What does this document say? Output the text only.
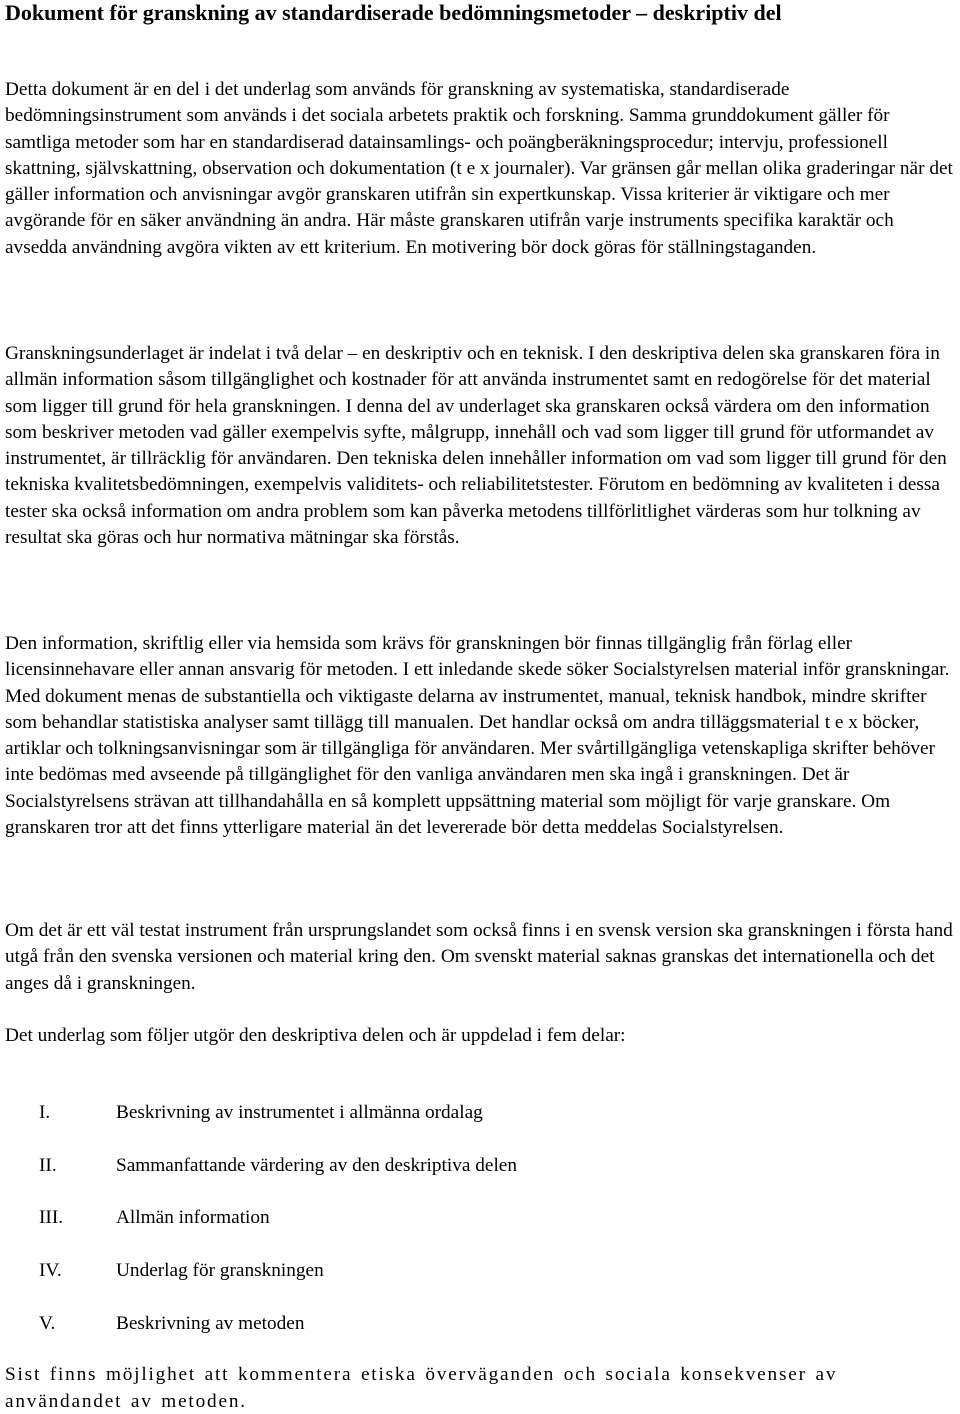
Dokument för granskning av standardiserade bedömningsmetoder – deskriptiv del

Detta dokument är en del i det underlag som används för granskning av systematiska, standardiserade bedömningsinstrument som används i det sociala arbetets praktik och forskning. Samma grunddokument gäller för samtliga metoder som har en standardiserad datainsamlings- och poängberäkningsprocedur; intervju, professionell skattning, självskattning, observation och dokumentation (t e x journaler). Var gränsen går mellan olika graderingar när det gäller information och anvisningar avgör granskaren utifrån sin expertkunskap. Vissa kriterier är viktigare och mer avgörande för en säker användning än andra. Här måste granskaren utifrån varje instruments specifika karaktär och avsedda användning avgöra vikten av ett kriterium. En motivering bör dock göras för ställningstaganden.

Granskningsunderlaget är indelat i två delar – en deskriptiv och en teknisk. I den deskriptiva delen ska granskaren föra in allmän information såsom tillgänglighet och kostnader för att använda instrumentet samt en redogörelse för det material som ligger till grund för hela granskningen. I denna del av underlaget ska granskaren också värdera om den information som beskriver metoden vad gäller exempelvis syfte, målgrupp, innehåll och vad som ligger till grund för utformandet av instrumentet, är tillräcklig för användaren. Den tekniska delen innehåller information om vad som ligger till grund för den tekniska kvalitetsbedömningen, exempelvis validitets- och reliabilitetstester. Förutom en bedömning av kvaliteten i dessa tester ska också information om andra problem som kan påverka metodens tillförlitlighet värderas som hur tolkning av resultat ska göras och hur normativa mätningar ska förstås.

Den information, skriftlig eller via hemsida som krävs för granskningen bör finnas tillgänglig från förlag eller licensinnehavare eller annan ansvarig för metoden. I ett inledande skede söker Socialstyrelsen material inför granskningar. Med dokument menas de substantiella och viktigaste delarna av instrumentet, manual, teknisk handbok, mindre skrifter som behandlar statistiska analyser samt tillägg till manualen. Det handlar också om andra tilläggsmaterial t e x böcker, artiklar och tolkningsanvisningar som är tillgängliga för användaren. Mer svårtillgängliga vetenskapliga skrifter behöver inte bedömas med avseende på tillgänglighet för den vanliga användaren men ska ingå i granskningen. Det är Socialstyrelsens strävan att tillhandahålla en så komplett uppsättning material som möjligt för varje granskare. Om granskaren tror att det finns ytterligare material än det levererade bör detta meddelas Socialstyrelsen.

Om det är ett väl testat instrument från ursprungslandet som också finns i en svensk version ska granskningen i första hand utgå från den svenska versionen och material kring den. Om svenskt material saknas granskas det internationella och det anges då i granskningen.

Det underlag som följer utgör den deskriptiva delen och är uppdelad i fem delar:

I.	Beskrivning av instrumentet i allmänna ordalag
II.	Sammanfattande värdering av den deskriptiva delen
III.	Allmän information
IV.	Underlag för granskningen
V.	Beskrivning av metoden

Sist finns möjlighet att kommentera etiska överväganden och sociala konsekvenser av användandet av metoden.
